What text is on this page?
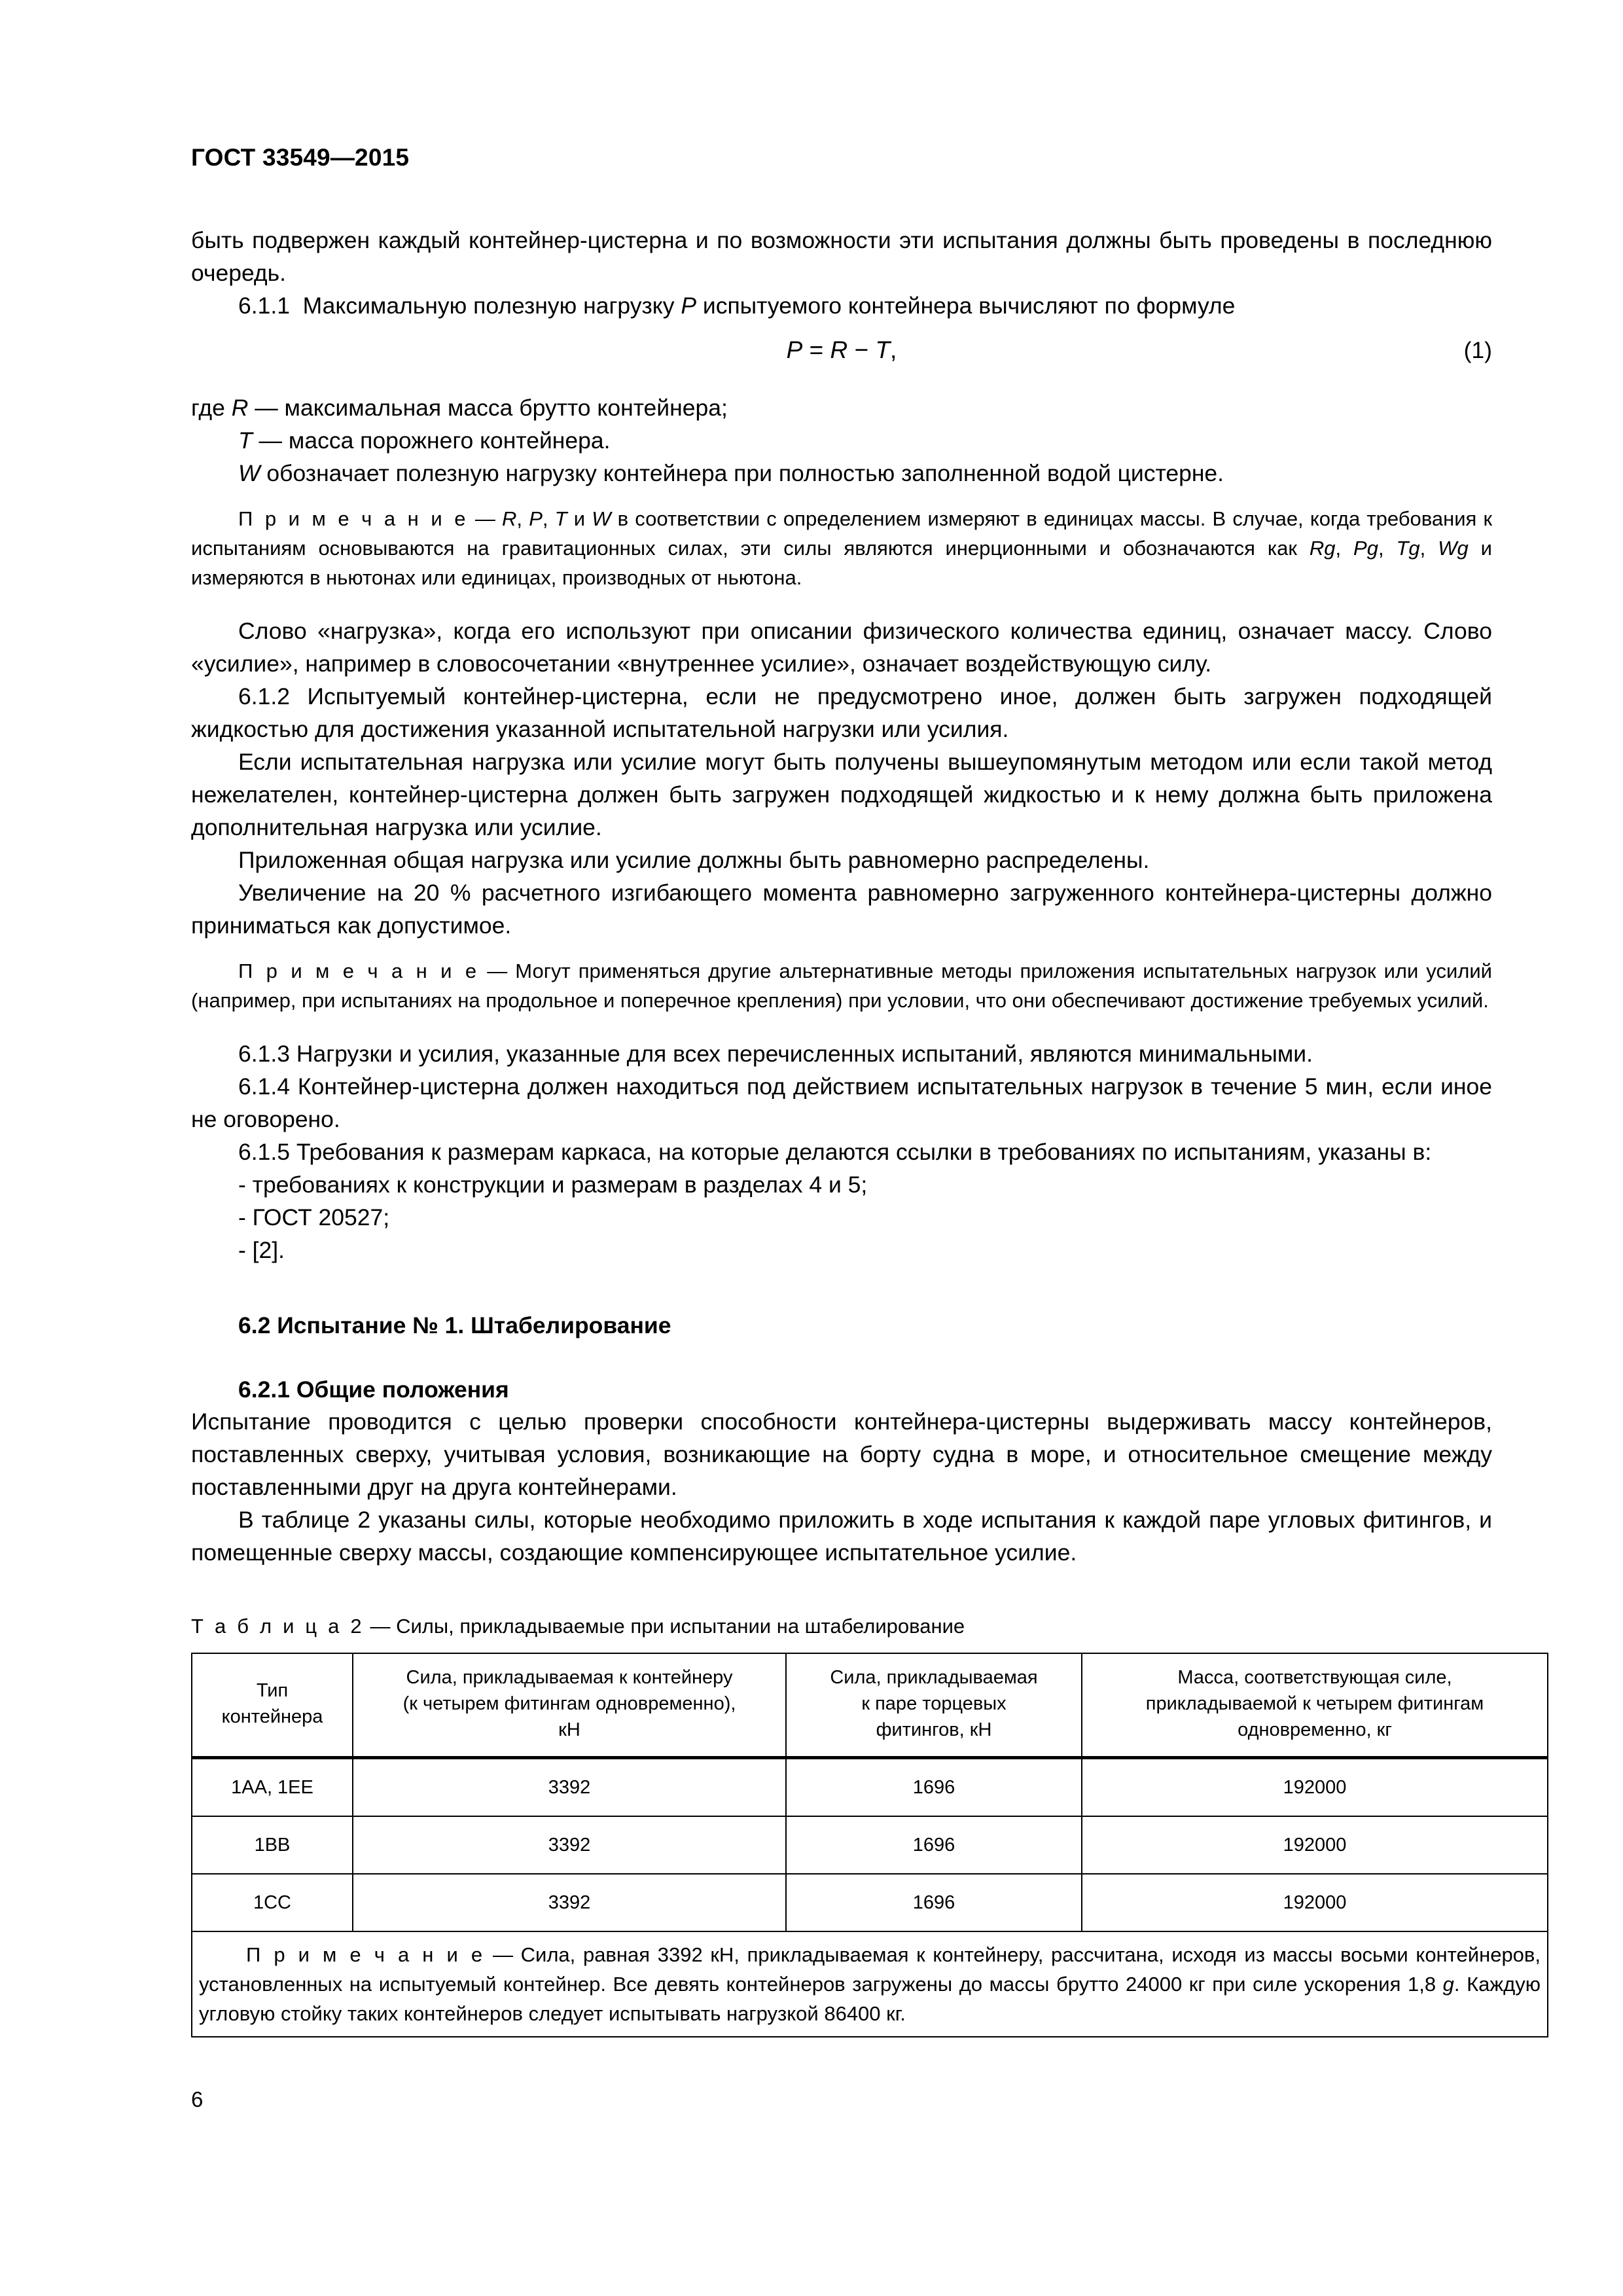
ГОСТ 33549—2015

быть подвержен каждый контейнер-цистерна и по возможности эти испытания должны быть проведены в последнюю очередь.

6.1.1  Максимальную полезную нагрузку P испытуемого контейнера вычисляют по формуле

P = R − T,	(1)

где R — максимальная масса брутто контейнера;

T — масса порожнего контейнера.

W обозначает полезную нагрузку контейнера при полностью заполненной водой цистерне.

П р и м е ч а н и е — R, P, T и W в соответствии с определением измеряют в единицах массы. В случае, когда требования к испытаниям основываются на гравитационных силах, эти силы являются инерционными и обозначаются как Rg, Pg, Tg, Wg и измеряются в ньютонах или единицах, производных от ньютона.

Слово «нагрузка», когда его используют при описании физического количества единиц, означает массу. Слово «усилие», например в словосочетании «внутреннее усилие», означает воздействующую силу.

6.1.2 Испытуемый контейнер-цистерна, если не предусмотрено иное, должен быть загружен подходящей жидкостью для достижения указанной испытательной нагрузки или усилия.

Если испытательная нагрузка или усилие могут быть получены вышеупомянутым методом или если такой метод нежелателен, контейнер-цистерна должен быть загружен подходящей жидкостью и к нему должна быть приложена дополнительная нагрузка или усилие.

Приложенная общая нагрузка или усилие должны быть равномерно распределены.

Увеличение на 20 % расчетного изгибающего момента равномерно загруженного контейнера-цистерны должно приниматься как допустимое.

П р и м е ч а н и е — Могут применяться другие альтернативные методы приложения испытательных нагрузок или усилий (например, при испытаниях на продольное и поперечное крепления) при условии, что они обеспечивают достижение требуемых усилий.

6.1.3 Нагрузки и усилия, указанные для всех перечисленных испытаний, являются минимальными.

6.1.4 Контейнер-цистерна должен находиться под действием испытательных нагрузок в течение 5 мин, если иное не оговорено.

6.1.5 Требования к размерам каркаса, на которые делаются ссылки в требованиях по испытаниям, указаны в:

- требованиях к конструкции и размерам в разделах 4 и 5;

- ГОСТ 20527;

- [2].

6.2 Испытание № 1. Штабелирование
6.2.1 Общие положения

Испытание проводится с целью проверки способности контейнера-цистерны выдерживать массу контейнеров, поставленных сверху, учитывая условия, возникающие на борту судна в море, и относительное смещение между поставленными друг на друга контейнерами.

В таблице 2 указаны силы, которые необходимо приложить в ходе испытания к каждой паре угловых фитингов, и помещенные сверху массы, создающие компенсирующее испытательное усилие.

Т а б л и ц а 2 — Силы, прикладываемые при испытании на штабелирование

Тип
контейнера

Сила, прикладываемая к контейнеру
(к четырем фитингам одновременно),
кН

Сила, прикладываемая
к паре торцевых
фитингов, кН

Масса, соответствующая силе,
прикладываемой к четырем фитингам
одновременно, кг

1АА, 1ЕЕ	3392	1696	192000
1ВВ	3392	1696	192000
1СС	3392	1696	192000

П р и м е ч а н и е — Сила, равная 3392 кН, прикладываемая к контейнеру, рассчитана, исходя из массы восьми контейнеров, установленных на испытуемый контейнер. Все девять контейнеров загружены до массы брутто 24000 кг при силе ускорения 1,8 g. Каждую угловую стойку таких контейнеров следует испытывать нагрузкой 86400 кг.			

6
